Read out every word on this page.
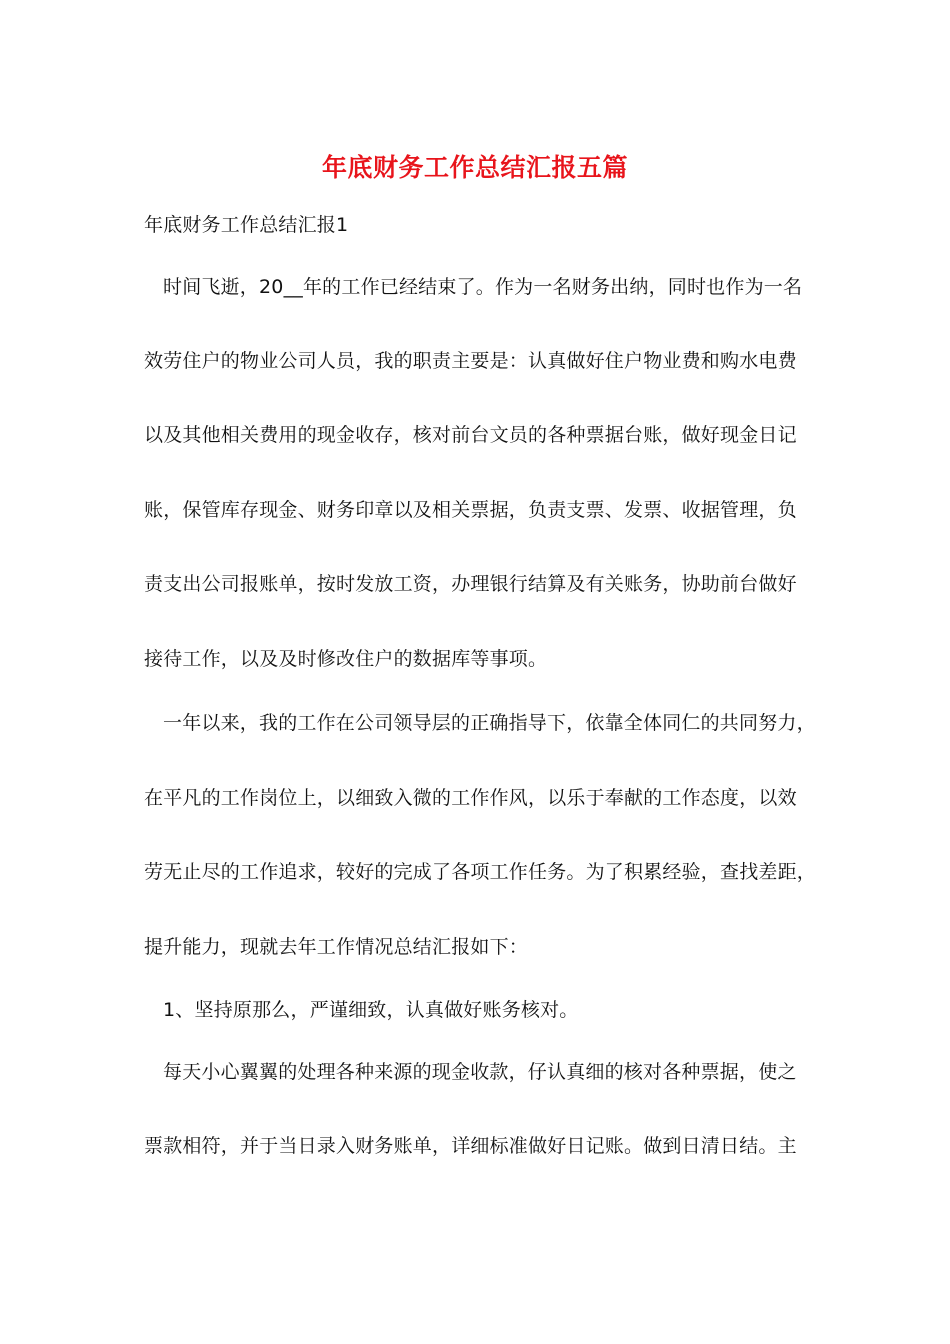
年底财务工作总结汇报五篇
年底财务工作总结汇报1
时间飞逝，20__年的工作已经结束了。作为一名财务出纳，同时也作为一名
效劳住户的物业公司人员，我的职责主要是：认真做好住户物业费和购水电费
以及其他相关费用的现金收存，核对前台文员的各种票据台账，做好现金日记
账，保管库存现金、财务印章以及相关票据，负责支票、发票、收据管理，负
责支出公司报账单，按时发放工资，办理银行结算及有关账务，协助前台做好
接待工作，以及及时修改住户的数据库等事项。
一年以来，我的工作在公司领导层的正确指导下，依靠全体同仁的共同努力，
在平凡的工作岗位上，以细致入微的工作作风，以乐于奉献的工作态度，以效
劳无止尽的工作追求，较好的完成了各项工作任务。为了积累经验，查找差距，
提升能力，现就去年工作情况总结汇报如下：
1、坚持原那么，严谨细致，认真做好账务核对。
每天小心翼翼的处理各种来源的现金收款，仔认真细的核对各种票据，使之
票款相符，并于当日录入财务账单，详细标准做好日记账。做到日清日结。主
